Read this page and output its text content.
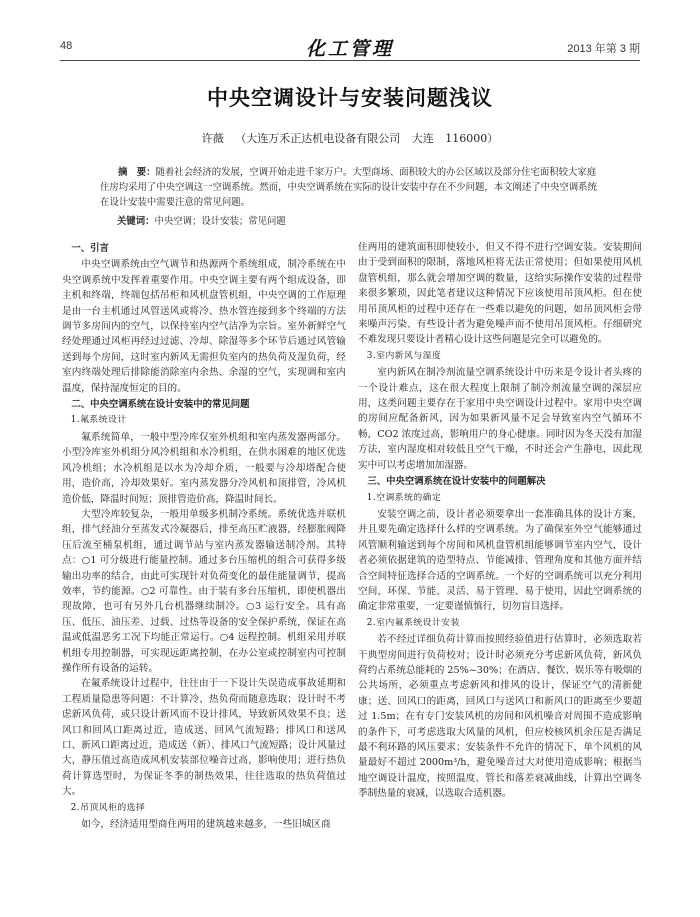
48	化工管理	2013 年第 3 期
中央空调设计与安装问题浅议
许薇 （大连万禾正达机电设备有限公司 大连 116000）

摘　要：随着社会经济的发展，空调开始走进千家万户。大型商场、面积较大的办公区域以及部分住宅面积较大家庭住房均采用了中央空调这一空调系统。然而，中央空调系统在实际的设计安装中存在不少问题，本文阐述了中央空调系统在设计安装中需要注意的常见问题。

关键词：中央空调；设计安装；常见问题

一、引言

中央空调系统由空气调节和热源两个系统组成，制冷系统在中央空调系统中发挥着重要作用。中央空调主要有两个组成设备，即主机和终端，终端包括吊柜和风机盘管机组，中央空调的工作原理是由一台主机通过风管送风或将冷、热水管连接到多个终端的方法调节多房间内的空气，以保持室内空气洁净为宗旨。室外新鲜空气经处理通过风柜再经过过滤、冷却、除湿等多个环节后通过风管输送到每个房间，这时室内新风无需担负室内的热负荷及湿负荷，经室内终端处理后排除能消除室内余热、余湿的空气，实现调和室内温度，保持湿度恒定的目的。

二、中央空调系统在设计安装中的常见问题
1.氟系统设计

氟系统简单，一般中型冷库仅室外机组和室内蒸发器两部分。小型冷库室外机组分风冷机组和水冷机组，在供水困难的地区优选风冷机组；水冷机组是以水为冷却介质，一般要与冷却塔配合使用，造价高，冷却效果好。室内蒸发器分冷风机和顶排管，冷风机造价低，降温时间短；顶排管造价高，降温时间长。

大型冷库较复杂，一般用单级多机制冷系统。系统优选并联机组，排气经油分至蒸发式冷凝器后，排至高压贮液器，经膨胀阀降压后流至桶泵机组，通过调节站与室内蒸发器输送制冷剂。其特点：○1 可分级进行能量控制。通过多台压缩机的组合可获得多级输出功率的结合，由此可实现针对负荷变化的最佳能量调节，提高效率，节约能源。○2 可靠性。由于装有多台压缩机，即使机器出现故障，也可有另外几台机器继续制冷。○3 运行安全。具有高压、低压、油压差、过载、过热等设备的安全保护系统，保证在高温或低温恶劣工况下均能正常运行。○4 远程控制。机组采用并联机组专用控制器，可实现远距离控制，在办公室或控制室内可控制操作所有设备的运转。

在氟系统设计过程中，往往由于一下设计失误造成事故延期和工程质量隐患等问题：不计算冷、热负荷而随意选取；设计时不考虑新风负荷，或只设计新风而不设计排风，导致新风效果不良；送风口和回风口距离过近，造成送、回风气流短路；排风口和送风口、新风口距离过近，造成送（新）、排风口气流短路；设计风量过大，静压值过高造成风机安装部位噪音过高，影响使用；进行热负荷计算选型时，为保证冬季的制热效果，往往选取的热负荷值过大。

2.吊顶风柜的选择

如今，经济适用型商住两用的建筑越来越多，一些旧城区商

住两用的建筑面积即使较小，但又不得不进行空调安装。安装期间由于受到面积的限制，落地风柜将无法正常使用；但如果使用风机盘管机组，那么就会增加空调的数量，这给实际操作安装的过程带来很多繁琐，因此笔者建议这种情况下应该使用吊顶风柜。但在使用吊顶风柜的过程中还存在一些难以避免的问题，如吊顶风柜会带来噪声污染、有些设计者为避免噪声而不使用吊顶风柜。仔细研究不难发现只要设计者精心设计这些问题是完全可以避免的。

3.室内新风与湿度

室内新风在制冷剂流量空调系统设计中历来是令设计者头疼的一个设计难点，这在很大程度上限制了制冷剂流量空调的深层应用，这类问题主要存在于家用中央空调设计过程中。家用中央空调的房间应配备新风，因为如果新风量不足会导致室内空气循环不畅，CO2 浓度过高，影响用户的身心健康。同时因为冬天没有加湿方法，室内湿度相对较低且空气干燥，不时还会产生静电，因此现实中可以考虑增加加湿器。

三、中央空调系统在设计安装中的问题解决
1.空调系统的确定

安装空调之前，设计者必须要拿出一套准确具体的设计方案，并且要先确定选择什么样的空调系统。为了确保室外空气能够通过风管顺利输送到每个房间和风机盘管机组能够调节室内空气，设计者必须依据建筑的造型特点、节能减排、管理角度和其他方面并结合空间特征选择合适的空调系统。一个好的空调系统可以充分利用空间，环保、节能、灵活、易于管理、易于使用，因此空调系统的确定非常重要，一定要谨慎慎行，切勿盲目选择。

2.室内氟系统设计安装

若不经过详细负荷计算而按照经验值进行估算时，必须选取若干典型房间进行负荷校对；设计时必须充分考虑新风负荷，新风负荷约占系统总能耗的 25%~30%；在酒店、餐饮、娱乐等有吸烟的公共场所，必须重点考虑新风和排风的设计，保证空气的清新健康；送、回风口的距离，回风口与送风口和新风口的距离至少要超过 1.5m；在有专门安装风机的房间和风机噪音对周围不造成影响的条件下，可考虑选取大风量的风机，但应校核风机余压是否满足最不利环路的风压要求；安装条件不允许的情况下，单个风机的风量最好不超过 2000m³/h，避免噪音过大对使用造成影响；根据当地空调设计温度，按照温度、管长和落差衰减曲线，计算出空调冬季制热量的衰减，以选取合适机器。
